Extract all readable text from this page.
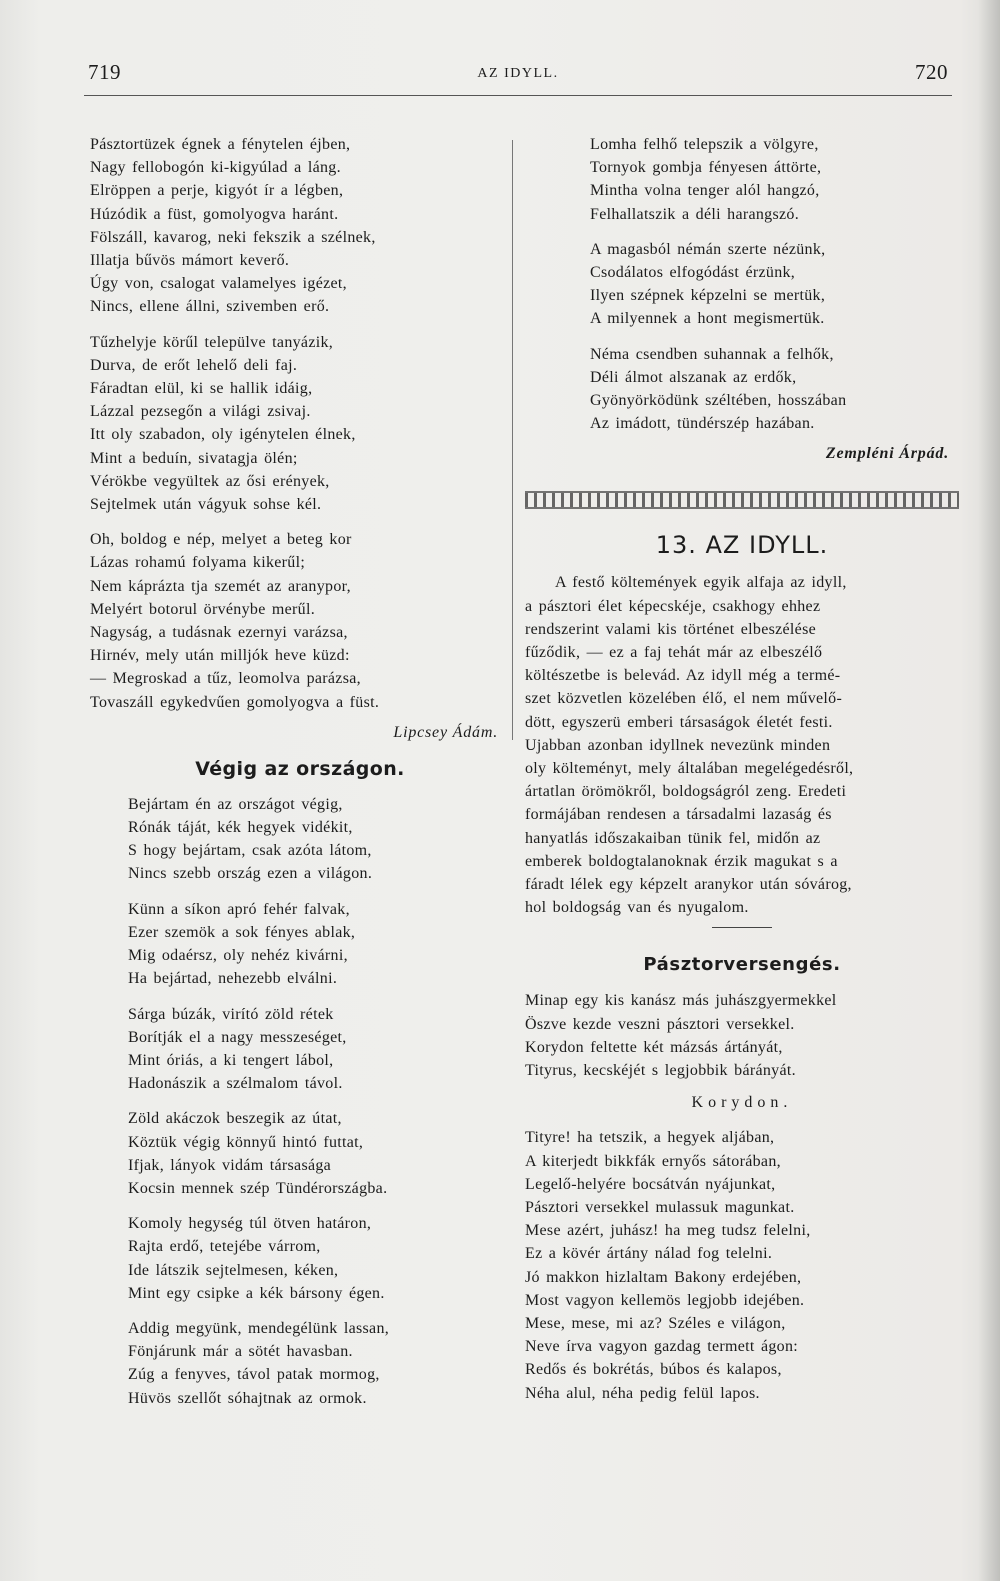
719	AZ IDYLL.	720
Pásztortüzek égnek a fénytelen éjben,
Nagy fellobogón ki-kigyúlad a láng.
Elröppen a perje, kigyót ír a légben,
Húzódik a füst, gomolyogva haránt.
Fölszáll, kavarog, neki fekszik a szélnek,
Illatja bűvös mámort keverő.
Úgy von, csalogat valamelyes igézet,
Nincs, ellene állni, szivemben erő.
Tűzhelyje körűl települve tanyázik,
Durva, de erőt lehelő deli faj.
Fáradtan elül, ki se hallik idáig,
Lázzal pezsegőn a világi zsivaj.
Itt oly szabadon, oly igénytelen élnek,
Mint a beduín, sivatagja ölén;
Vérökbe vegyültek az ősi erények,
Sejtelmek után vágyuk sohse kél.
Oh, boldog e nép, melyet a beteg kor
Lázas rohamú folyama kikerűl;
Nem káprázta tja szemét az aranypor,
Melyért botorul örvénybe merűl.
Nagyság, a tudásnak ezernyi varázsa,
Hirnév, mely után milljók heve küzd:
— Megroskad a tűz, leomolva parázsa,
Tovaszáll egykedvűen gomolyogva a füst.
Lipcsey Ádám.
Végig az országon.
Bejártam én az országot végig,
Rónák táját, kék hegyek vidékit,
S hogy bejártam, csak azóta látom,
Nincs szebb ország ezen a világon.
Künn a síkon apró fehér falvak,
Ezer szemök a sok fényes ablak,
Mig odaérsz, oly nehéz kivárni,
Ha bejártad, nehezebb elválni.
Sárga búzák, virító zöld rétek
Borítják el a nagy messzeséget,
Mint óriás, a ki tengert lábol,
Hadonászik a szélmalom távol.
Zöld akáczok beszegik az útat,
Köztük végig könnyű hintó futtat,
Ifjak, lányok vidám társasága
Kocsin mennek szép Tündérországba.
Komoly hegység túl ötven határon,
Rajta erdő, tetejébe várrom,
Ide látszik sejtelmesen, kéken,
Mint egy csipke a kék bársony égen.
Addig megyünk, mendegélünk lassan,
Fönjárunk már a sötét havasban.
Zúg a fenyves, távol patak mormog,
Hüvös szellőt sóhajtnak az ormok.
Lomha felhő telepszik a völgyre,
Tornyok gombja fényesen áttörte,
Mintha volna tenger alól hangzó,
Felhallatszik a déli harangszó.
A magasból némán szerte nézünk,
Csodálatos elfogódást érzünk,
Ilyen szépnek képzelni se mertük,
A milyennek a hont megismertük.
Néma csendben suhannak a felhők,
Déli álmot alszanak az erdők,
Gyönyörködünk széltében, hosszában
Az imádott, tündérszép hazában.
Zempléni Árpád.
13. AZ IDYLL.
A festő költemények egyik alfaja az idyll,
a pásztori élet képecskéje, csakhogy ehhez
rendszerint valami kis történet elbeszélése
fűződik, — ez a faj tehát már az elbeszélő
költészetbe is belevád. Az idyll még a termé-
szet közvetlen közelében élő, el nem művelő-
dött, egyszerü emberi társaságok életét festi.
Ujabban azonban idyllnek nevezünk minden
oly költeményt, mely általában megelégedésről,
ártatlan örömökről, boldogságról zeng. Eredeti
formájában rendesen a társadalmi lazaság és
hanyatlás időszakaiban tünik fel, midőn az
emberek boldogtalanoknak érzik magukat s a
fáradt lélek egy képzelt aranykor után sóvárog,
hol boldogság van és nyugalom.
Pásztorversengés.
Minap egy kis kanász más juhászgyermekkel
Öszve kezde veszni pásztori versekkel.
Korydon feltette két mázsás ártányát,
Tityrus, kecskéjét s legjobbik bárányát.
Korydon.
Tityre! ha tetszik, a hegyek aljában,
A kiterjedt bikkfák ernyős sátorában,
Legelő-helyére bocsátván nyájunkat,
Pásztori versekkel mulassuk magunkat.
Mese azért, juhász! ha meg tudsz felelni,
Ez a kövér ártány nálad fog telelni.
Jó makkon hizlaltam Bakony erdejében,
Most vagyon kellemös legjobb idejében.
Mese, mese, mi az? Széles e világon,
Neve írva vagyon gazdag termett ágon:
Redős és bokrétás, búbos és kalapos,
Néha alul, néha pedig felül lapos.
